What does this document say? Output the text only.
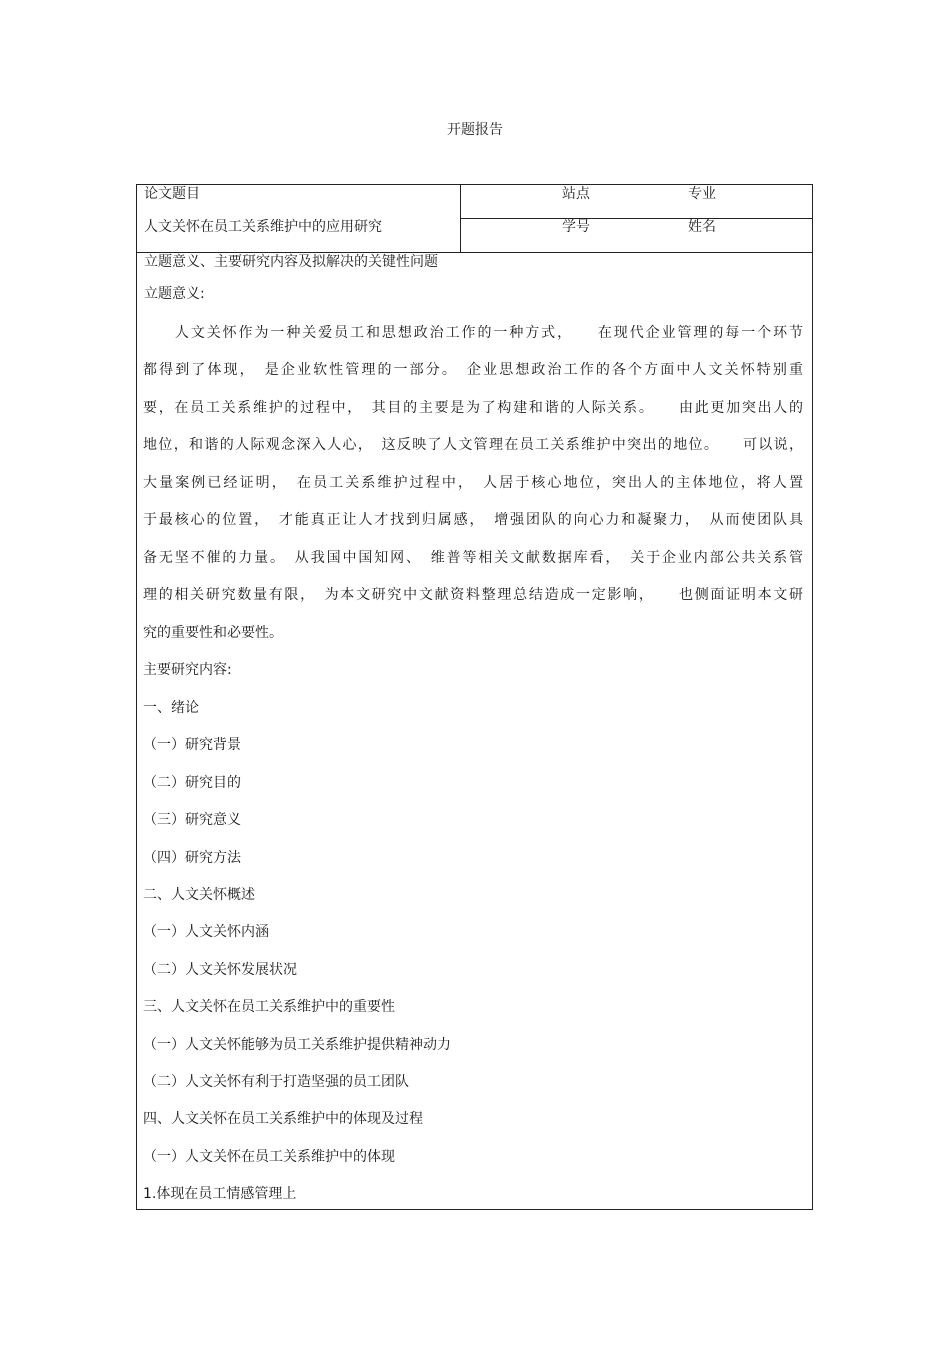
开题报告
论文题目
人文关怀在员工关系维护中的应用研究
站点	专业
学号	姓名
立题意义、主要研究内容及拟解决的关键性问题
立题意义:
　　人文关怀作为一种关爱员工和思想政治工作的一种方式，　　在现代企业管理的每一个环节
都得到了体现，　是企业软性管理的一部分。　企业思想政治工作的各个方面中人文关怀特别重
要，在员工关系维护的过程中，　其目的主要是为了构建和谐的人际关系。　　由此更加突出人的
地位，和谐的人际观念深入人心，　这反映了人文管理在员工关系维护中突出的地位。　　可以说，
大量案例已经证明，　在员工关系维护过程中，　人居于核心地位，突出人的主体地位，将人置
于最核心的位置，　才能真正让人才找到归属感，　增强团队的向心力和凝聚力，　从而使团队具
备无坚不催的力量。　从我国中国知网、　维普等相关文献数据库看，　关于企业内部公共关系管
理的相关研究数量有限，　为本文研究中文献资料整理总结造成一定影响，　　也侧面证明本文研
究的重要性和必要性。
主要研究内容:
一、绪论
（一）研究背景
（二）研究目的
（三）研究意义
（四）研究方法
二、人文关怀概述
（一）人文关怀内涵
（二）人文关怀发展状况
三、人文关怀在员工关系维护中的重要性
（一）人文关怀能够为员工关系维护提供精神动力
（二）人文关怀有利于打造坚强的员工团队
四、人文关怀在员工关系维护中的体现及过程
（一）人文关怀在员工关系维护中的体现
1.体现在员工情感管理上
